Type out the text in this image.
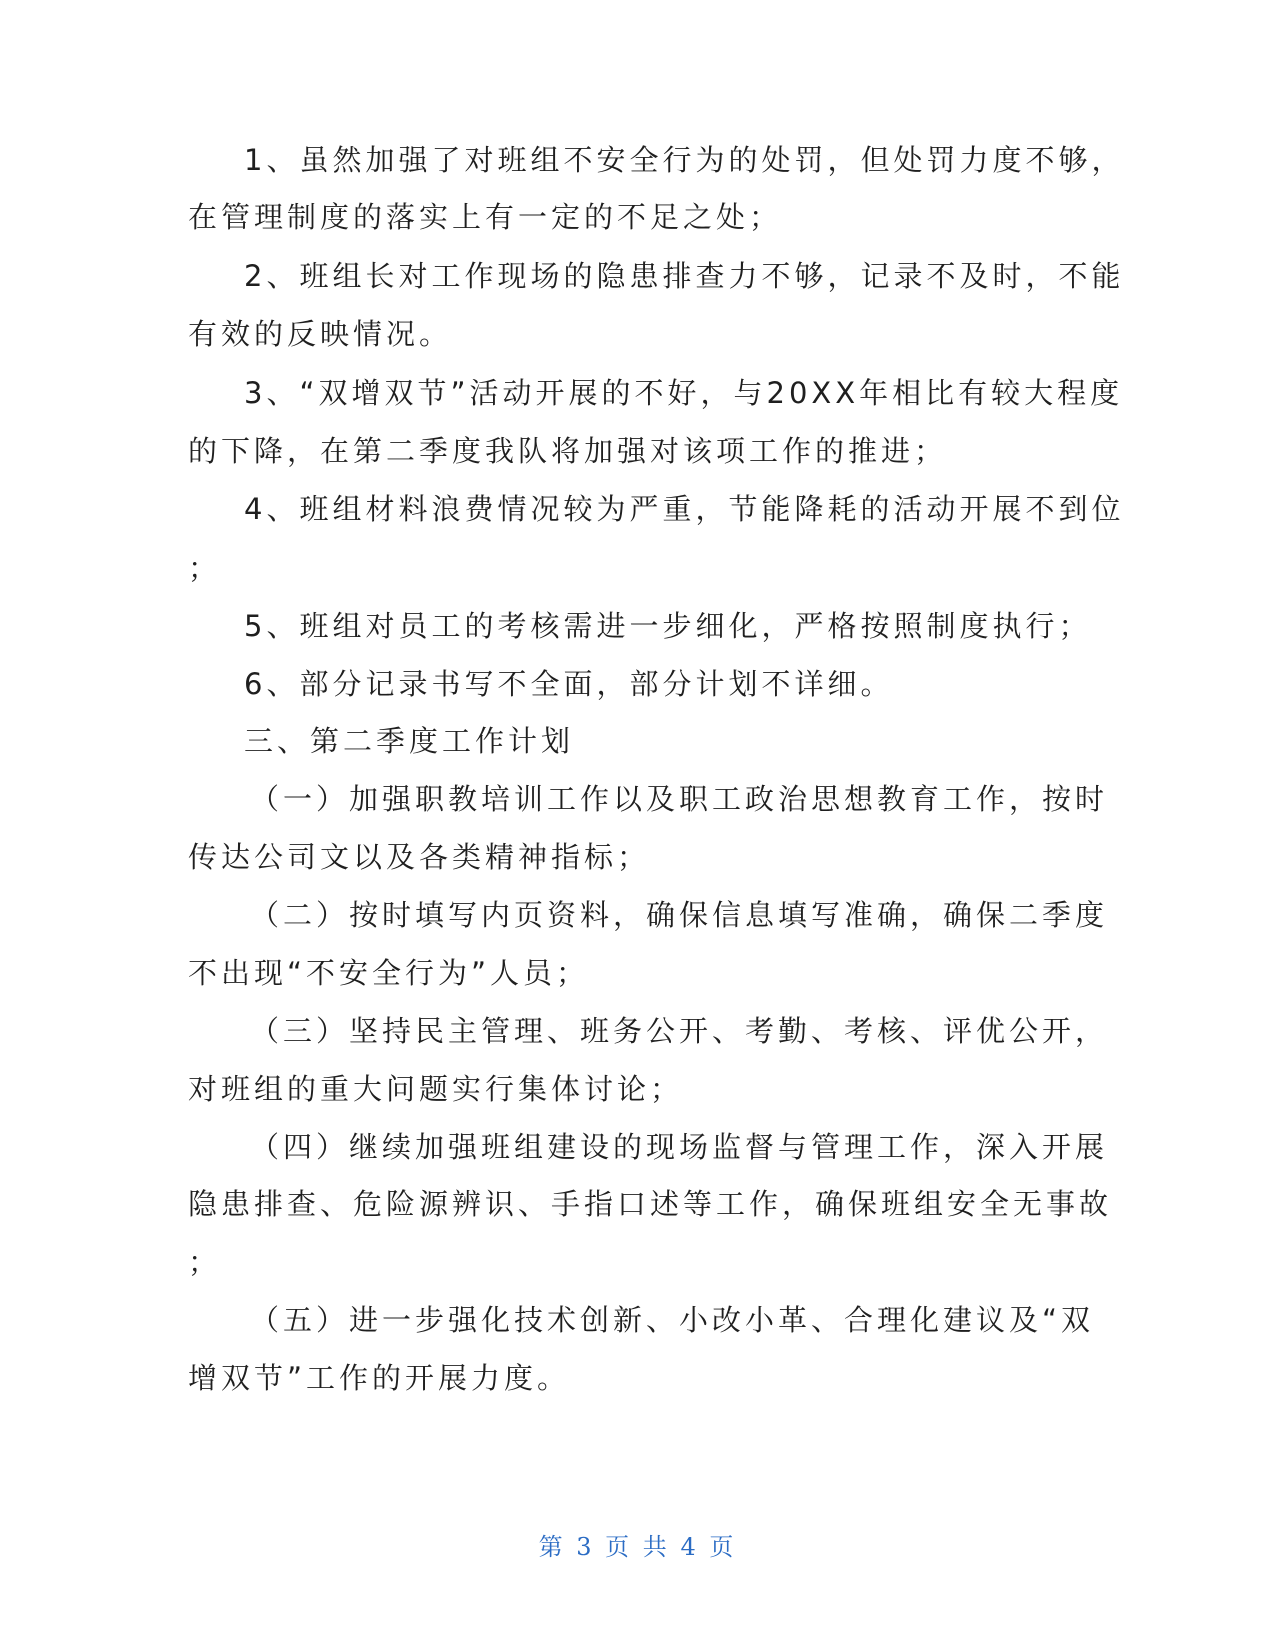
1、虽然加强了对班组不安全行为的处罚，但处罚力度不够，
在管理制度的落实上有一定的不足之处；
2、班组长对工作现场的隐患排查力不够，记录不及时，不能
有效的反映情况。
3、“双增双节”活动开展的不好，与20XX年相比有较大程度
的下降，在第二季度我队将加强对该项工作的推进；
4、班组材料浪费情况较为严重，节能降耗的活动开展不到位
；
5、班组对员工的考核需进一步细化，严格按照制度执行；
6、部分记录书写不全面，部分计划不详细。
三、第二季度工作计划
（一）加强职教培训工作以及职工政治思想教育工作，按时
传达公司文以及各类精神指标；
（二）按时填写内页资料，确保信息填写准确，确保二季度
不出现“不安全行为”人员；
（三）坚持民主管理、班务公开、考勤、考核、评优公开，
对班组的重大问题实行集体讨论；
（四）继续加强班组建设的现场监督与管理工作，深入开展
隐患排查、危险源辨识、手指口述等工作，确保班组安全无事故
；
（五）进一步强化技术创新、小改小革、合理化建议及“双
增双节”工作的开展力度。
第 3 页 共 4 页
